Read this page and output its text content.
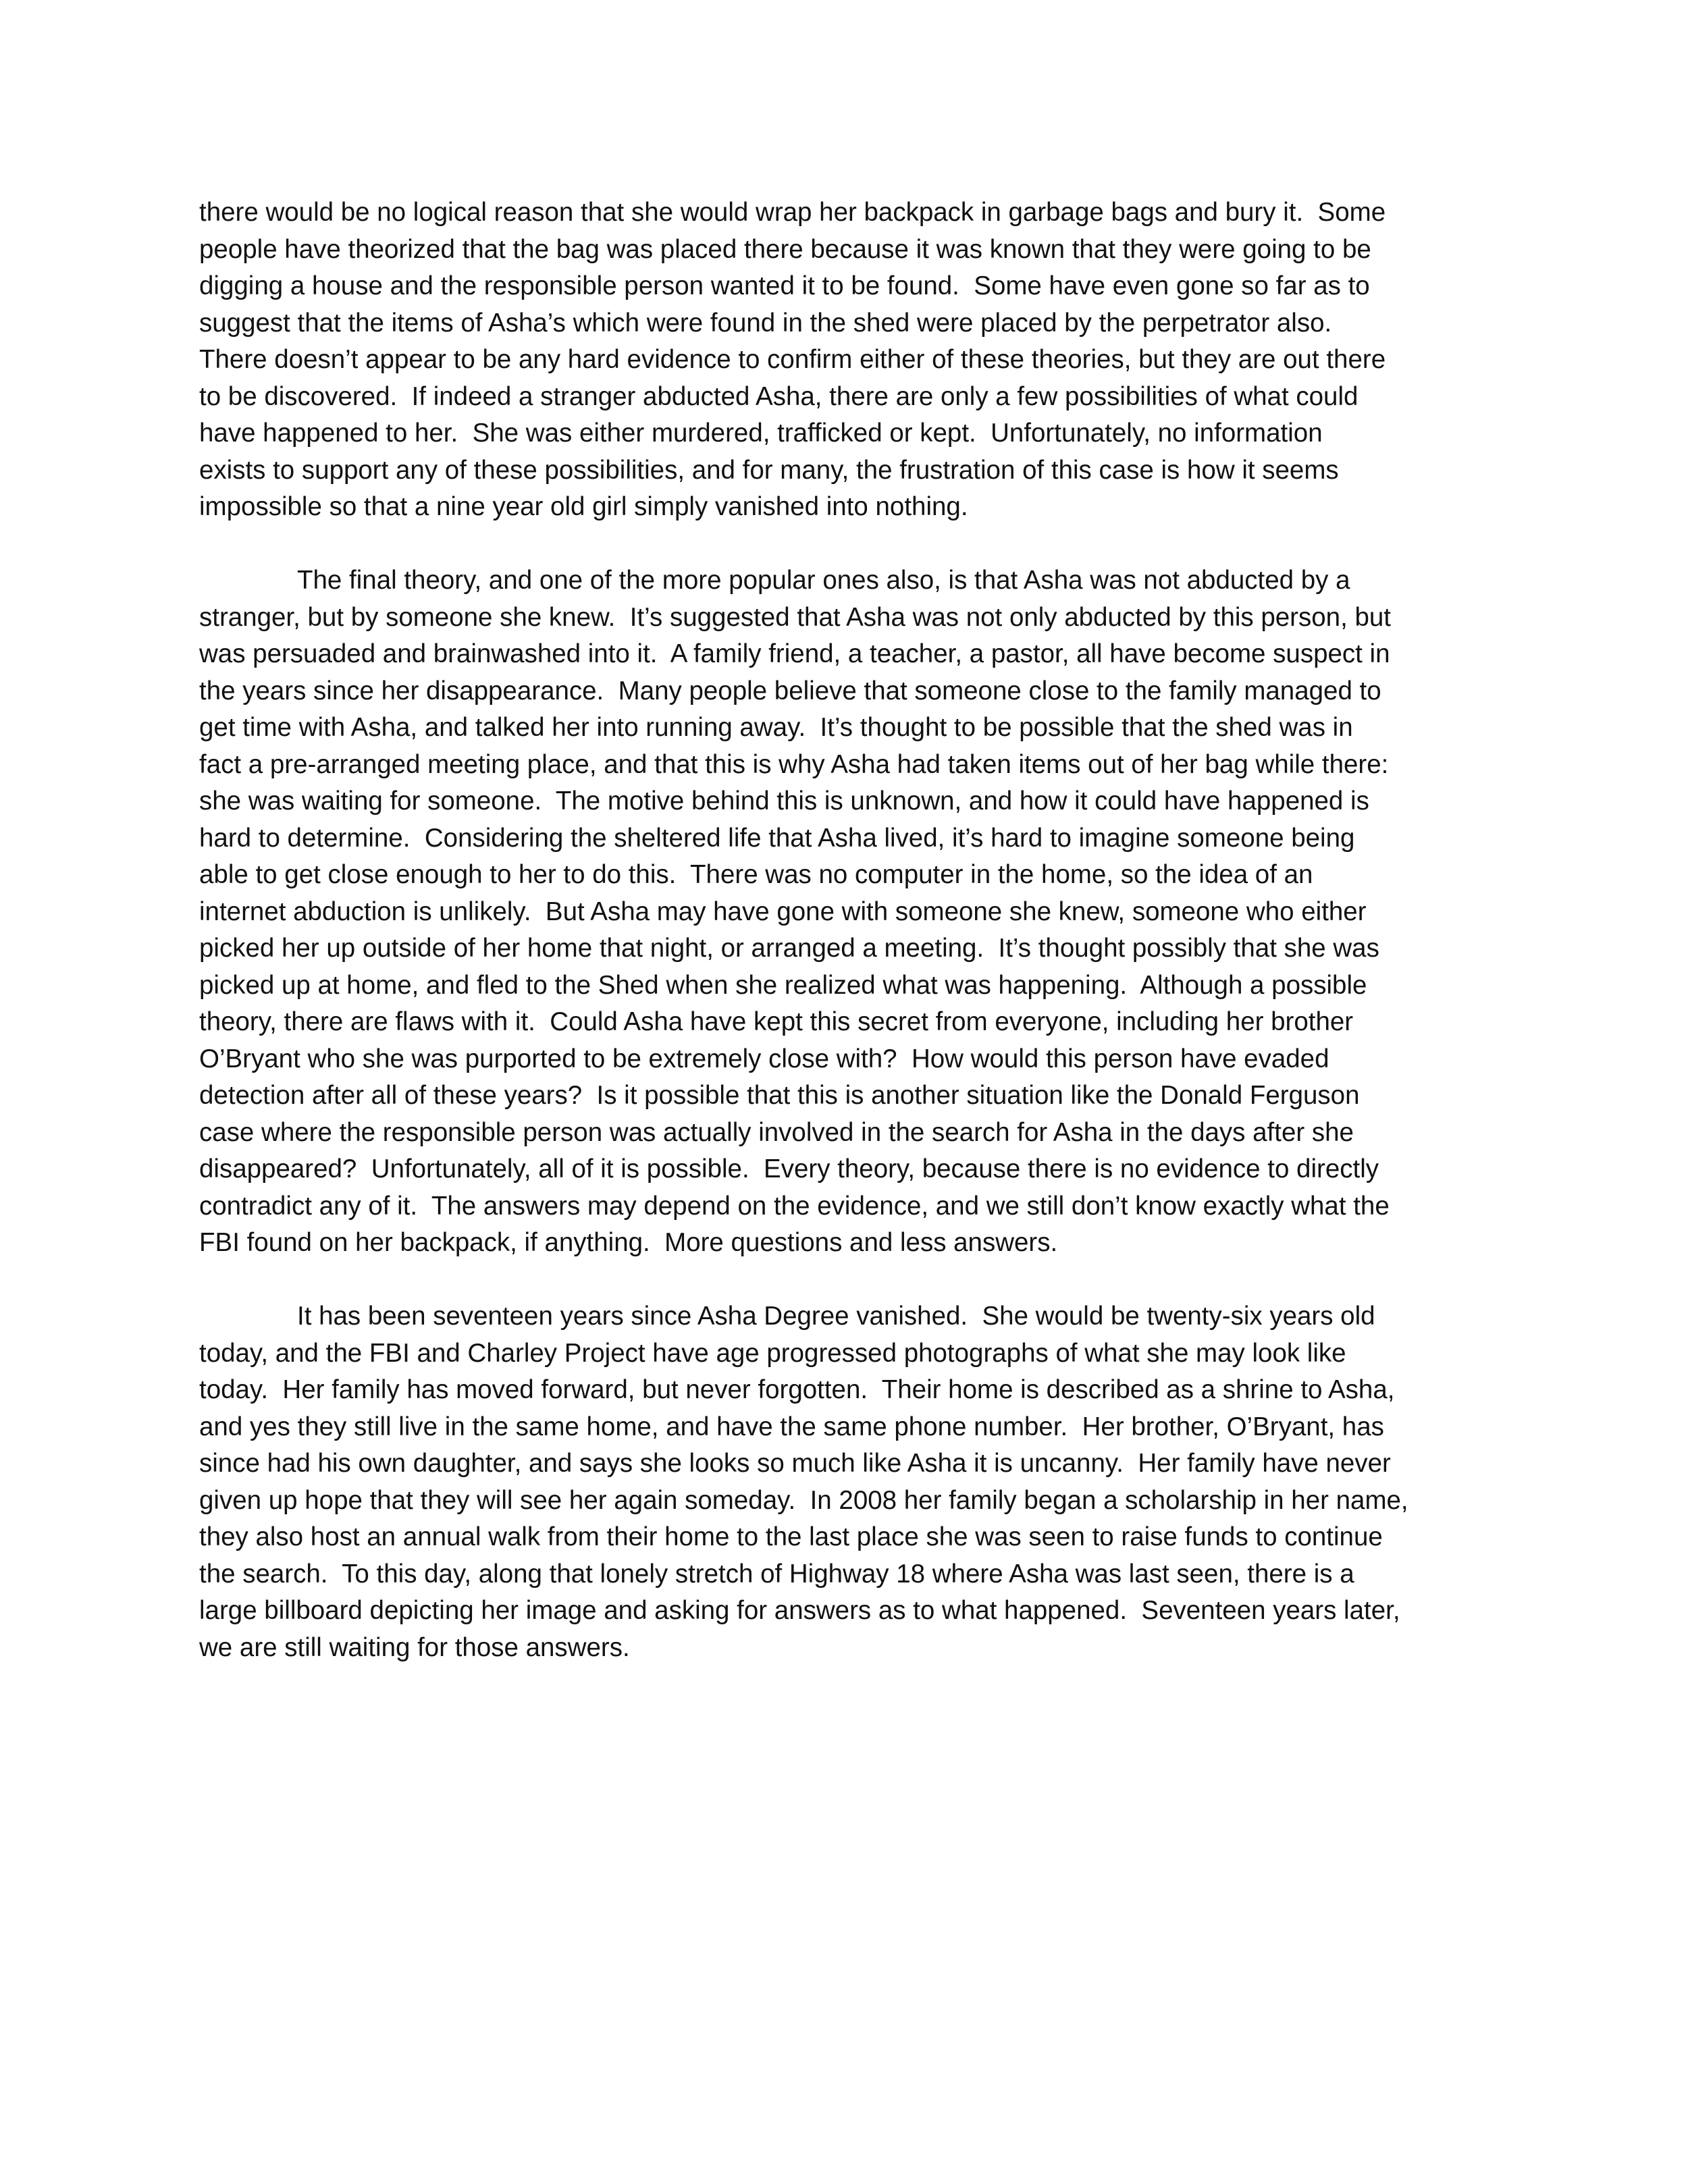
there would be no logical reason that she would wrap her backpack in garbage bags and bury it.  Some
people have theorized that the bag was placed there because it was known that they were going to be
digging a house and the responsible person wanted it to be found.  Some have even gone so far as to
suggest that the items of Asha’s which were found in the shed were placed by the perpetrator also.
There doesn’t appear to be any hard evidence to confirm either of these theories, but they are out there
to be discovered.  If indeed a stranger abducted Asha, there are only a few possibilities of what could
have happened to her.  She was either murdered, trafficked or kept.  Unfortunately, no information
exists to support any of these possibilities, and for many, the frustration of this case is how it seems
impossible so that a nine year old girl simply vanished into nothing.
The final theory, and one of the more popular ones also, is that Asha was not abducted by a
stranger, but by someone she knew.  It’s suggested that Asha was not only abducted by this person, but
was persuaded and brainwashed into it.  A family friend, a teacher, a pastor, all have become suspect in
the years since her disappearance.  Many people believe that someone close to the family managed to
get time with Asha, and talked her into running away.  It’s thought to be possible that the shed was in
fact a pre-arranged meeting place, and that this is why Asha had taken items out of her bag while there:
she was waiting for someone.  The motive behind this is unknown, and how it could have happened is
hard to determine.  Considering the sheltered life that Asha lived, it’s hard to imagine someone being
able to get close enough to her to do this.  There was no computer in the home, so the idea of an
internet abduction is unlikely.  But Asha may have gone with someone she knew, someone who either
picked her up outside of her home that night, or arranged a meeting.  It’s thought possibly that she was
picked up at home, and fled to the Shed when she realized what was happening.  Although a possible
theory, there are flaws with it.  Could Asha have kept this secret from everyone, including her brother
O’Bryant who she was purported to be extremely close with?  How would this person have evaded
detection after all of these years?  Is it possible that this is another situation like the Donald Ferguson
case where the responsible person was actually involved in the search for Asha in the days after she
disappeared?  Unfortunately, all of it is possible.  Every theory, because there is no evidence to directly
contradict any of it.  The answers may depend on the evidence, and we still don’t know exactly what the
FBI found on her backpack, if anything.  More questions and less answers.
It has been seventeen years since Asha Degree vanished.  She would be twenty-six years old
today, and the FBI and Charley Project have age progressed photographs of what she may look like
today.  Her family has moved forward, but never forgotten.  Their home is described as a shrine to Asha,
and yes they still live in the same home, and have the same phone number.  Her brother, O’Bryant, has
since had his own daughter, and says she looks so much like Asha it is uncanny.  Her family have never
given up hope that they will see her again someday.  In 2008 her family began a scholarship in her name,
they also host an annual walk from their home to the last place she was seen to raise funds to continue
the search.  To this day, along that lonely stretch of Highway 18 where Asha was last seen, there is a
large billboard depicting her image and asking for answers as to what happened.  Seventeen years later,
we are still waiting for those answers.
